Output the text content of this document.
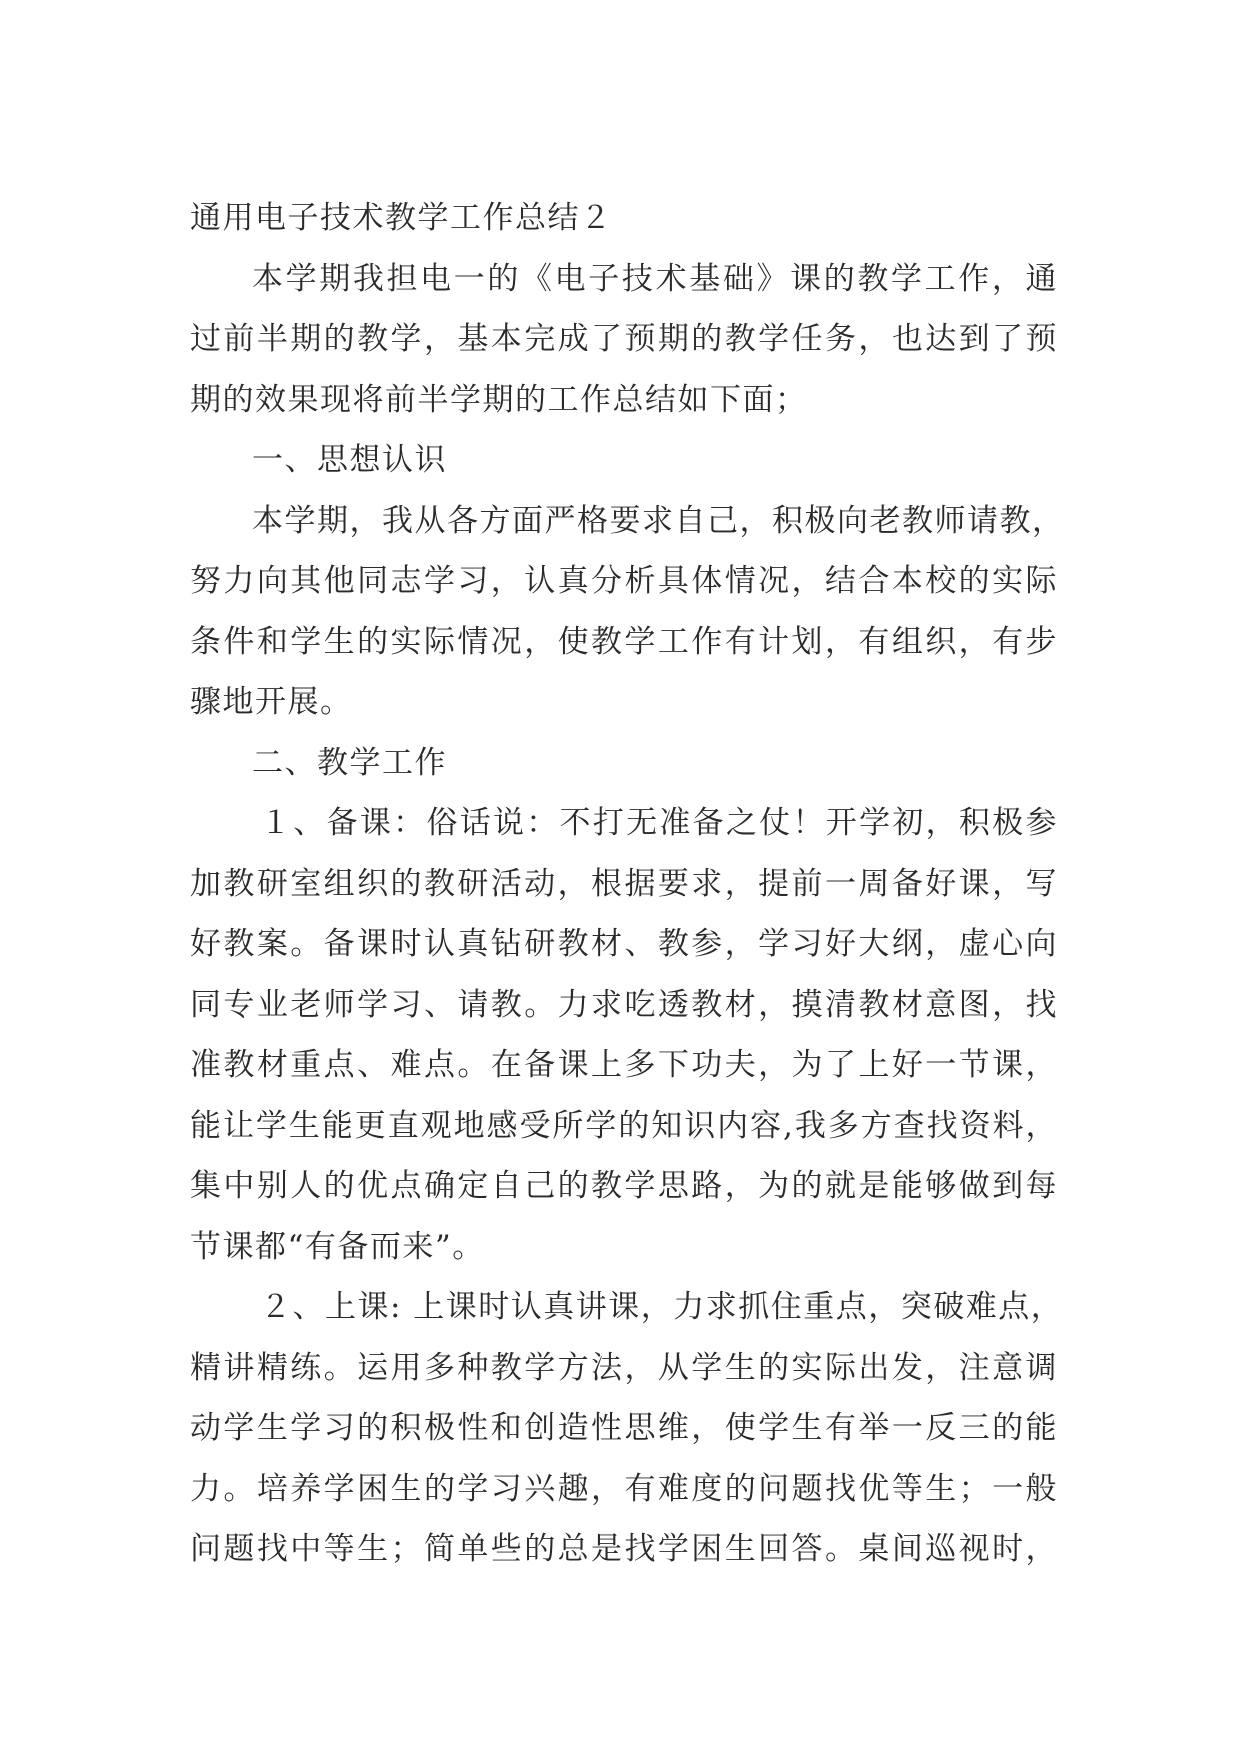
通用电子技术教学工作总结２
本学期我担电一的《电子技术基础》课的教学工作，通
过前半期的教学，基本完成了预期的教学任务，也达到了预
期的效果现将前半学期的工作总结如下面；
一、思想认识
本学期，我从各方面严格要求自己，积极向老教师请教，
努力向其他同志学习，认真分析具体情况，结合本校的实际
条件和学生的实际情况，使教学工作有计划，有组织，有步
骤地开展。
二、教学工作
１、备课：俗话说：不打无准备之仗！开学初，积极参
加教研室组织的教研活动，根据要求，提前一周备好课，写
好教案。备课时认真钻研教材、教参，学习好大纲，虚心向
同专业老师学习、请教。力求吃透教材，摸清教材意图，找
准教材重点、难点。在备课上多下功夫，为了上好一节课，
能让学生能更直观地感受所学的知识内容,我多方查找资料，
集中别人的优点确定自己的教学思路，为的就是能够做到每
节课都“有备而来”。
２、上课: 上课时认真讲课，力求抓住重点，突破难点，
精讲精练。运用多种教学方法，从学生的实际出发，注意调
动学生学习的积极性和创造性思维，使学生有举一反三的能
力。培养学困生的学习兴趣，有难度的问题找优等生；一般
问题找中等生；简单些的总是找学困生回答。桌间巡视时，
